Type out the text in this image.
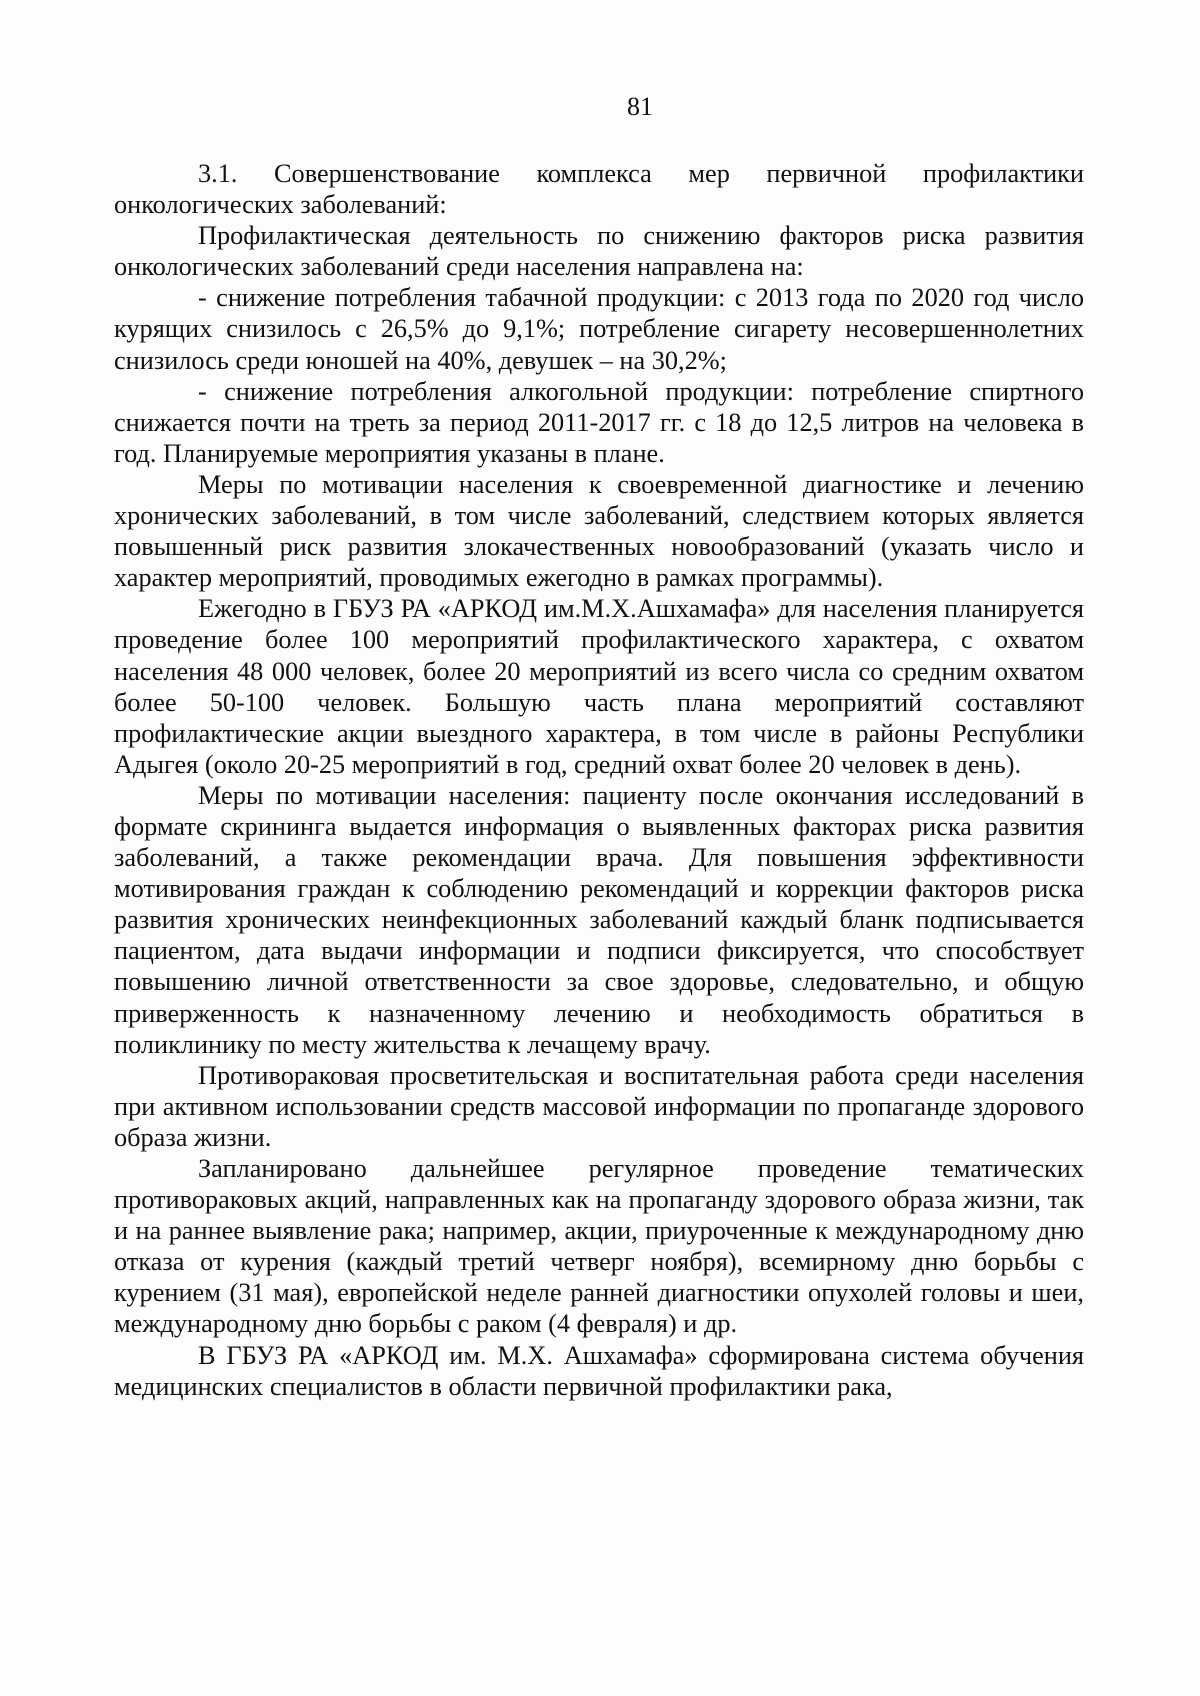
81

3.1. Совершенствование комплекса мер первичной профилактики онкологических заболеваний:

Профилактическая деятельность по снижению факторов риска развития онкологических заболеваний среди населения направлена на:

- снижение потребления табачной продукции: с 2013 года по 2020 год число курящих снизилось с 26,5% до 9,1%; потребление сигарету несовершеннолетних снизилось среди юношей на 40%, девушек – на 30,2%;

- снижение потребления алкогольной продукции: потребление спиртного снижается почти на треть за период 2011-2017 гг. с 18 до 12,5 литров на человека в год. Планируемые мероприятия указаны в плане.

Меры по мотивации населения к своевременной диагностике и лечению хронических заболеваний, в том числе заболеваний, следствием которых является повышенный риск развития злокачественных новообразований (указать число и характер мероприятий, проводимых ежегодно в рамках программы).

Ежегодно в ГБУЗ РА «АРКОД им.М.Х.Ашхамафа» для населения планируется проведение более 100 мероприятий профилактического характера, с охватом населения 48 000 человек, более 20 мероприятий из всего числа со средним охватом более 50-100 человек. Большую часть плана мероприятий составляют профилактические акции выездного характера, в том числе в районы Республики Адыгея (около 20-25 мероприятий в год, средний охват более 20 человек в день).

Меры по мотивации населения: пациенту после окончания исследований в формате скрининга выдается информация о выявленных факторах риска развития заболеваний, а также рекомендации врача. Для повышения эффективности мотивирования граждан к соблюдению рекомендаций и коррекции факторов риска развития хронических неинфекционных заболеваний каждый бланк подписывается пациентом, дата выдачи информации и подписи фиксируется, что способствует повышению личной ответственности за свое здоровье, следовательно, и общую приверженность к назначенному лечению и необходимость обратиться в поликлинику по месту жительства к лечащему врачу.

Противораковая просветительская и воспитательная работа среди населения при активном использовании средств массовой информации по пропаганде здорового образа жизни.

Запланировано дальнейшее регулярное проведение тематических противораковых акций, направленных как на пропаганду здорового образа жизни, так и на раннее выявление рака; например, акции, приуроченные к международному дню отказа от курения (каждый третий четверг ноября), всемирному дню борьбы с курением (31 мая), европейской неделе ранней диагностики опухолей головы и шеи, международному дню борьбы с раком (4 февраля) и др.

В ГБУЗ РА «АРКОД им. М.Х. Ашхамафа» сформирована система обучения медицинских специалистов в области первичной профилактики рака,
